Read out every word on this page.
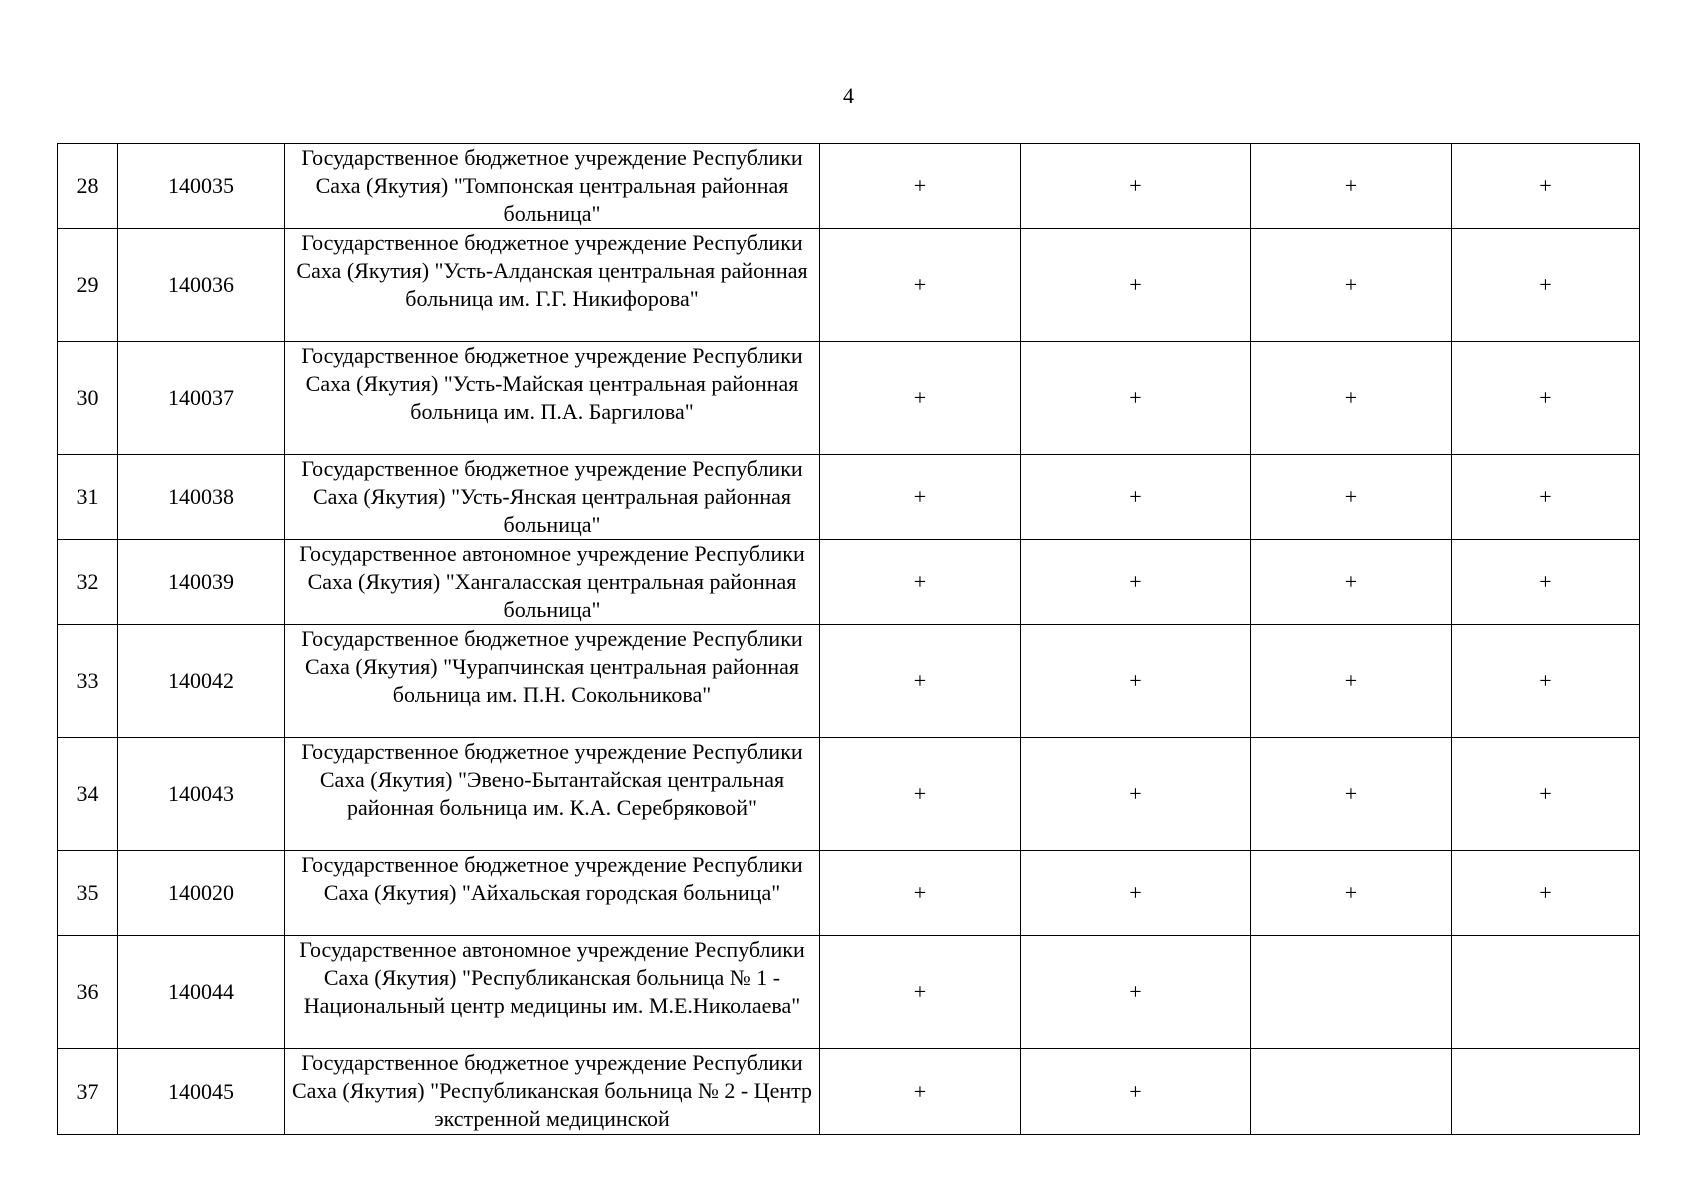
4
28	140035	Государственное бюджетное учреждение Республики Саха (Якутия) "Томпонская центральная районная больница"	+	+	+	+
29	140036	Государственное бюджетное учреждение Республики Саха (Якутия) "Усть-Алданская центральная районная больница им. Г.Г. Никифорова"	+	+	+	+
30	140037	Государственное бюджетное учреждение Республики Саха (Якутия) "Усть-Майская центральная районная больница им. П.А. Баргилова"	+	+	+	+
31	140038	Государственное бюджетное учреждение Республики Саха (Якутия) "Усть-Янская центральная районная больница"	+	+	+	+
32	140039	Государственное автономное учреждение Республики Саха (Якутия) "Хангаласская центральная районная больница"	+	+	+	+
33	140042	Государственное бюджетное учреждение Республики Саха (Якутия) "Чурапчинская центральная районная больница им. П.Н. Сокольникова"	+	+	+	+
34	140043	Государственное бюджетное учреждение Республики Саха (Якутия) "Эвено-Бытантайская центральная районная больница им. К.А. Серебряковой"	+	+	+	+
35	140020	Государственное бюджетное учреждение Республики Саха (Якутия) "Айхальская городская больница"	+	+	+	+
36	140044	Государственное автономное учреждение Республики Саха (Якутия) "Республиканская больница № 1 - Национальный центр медицины им. М.Е.Николаева"	+	+		
37	140045	Государственное бюджетное учреждение Республики Саха (Якутия) "Республиканская больница № 2 - Центр экстренной медицинской	+	+		
